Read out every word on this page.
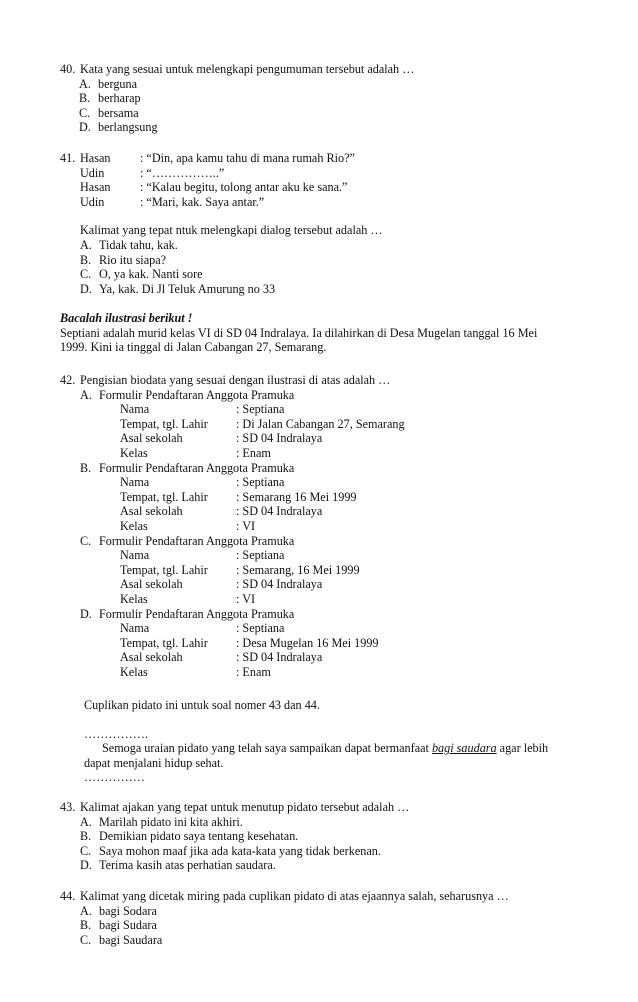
40. Kata yang sesuai untuk melengkapi pengumuman tersebut adalah …
A. berguna
B. berharap
C. bersama
D. berlangsung
41. Hasan	: “Din, apa kamu tahu di mana rumah Rio?”
Udin	: “……………..”
Hasan	: “Kalau begitu, tolong antar aku ke sana.”
Udin	: “Mari, kak. Saya antar.”
Kalimat yang tepat ntuk melengkapi dialog tersebut adalah …
A. Tidak tahu, kak.
B. Rio itu siapa?
C. O, ya kak. Nanti sore
D. Ya, kak. Di Jl Teluk Amurung no 33
Bacalah ilustrasi berikut !
Septiani adalah murid kelas VI di SD 04 Indralaya. Ia dilahirkan di Desa Mugelan tanggal 16 Mei
1999. Kini ia tinggal di Jalan Cabangan 27, Semarang.
42. Pengisian biodata yang sesuai dengan ilustrasi di atas adalah …
A. Formulir Pendaftaran Anggota Pramuka
Nama	: Septiana
Tempat, tgl. Lahir	: Di Jalan Cabangan 27, Semarang
Asal sekolah	: SD 04 Indralaya
Kelas	: Enam
B. Formulir Pendaftaran Anggota Pramuka
Nama	: Septiana
Tempat, tgl. Lahir	: Semarang 16 Mei 1999
Asal sekolah	: SD 04 Indralaya
Kelas	: VI
C. Formulir Pendaftaran Anggota Pramuka
Nama	: Septiana
Tempat, tgl. Lahir	: Semarang, 16 Mei 1999
Asal sekolah	: SD 04 Indralaya
Kelas	: VI
D. Formulir Pendaftaran Anggota Pramuka
Nama	: Septiana
Tempat, tgl. Lahir	: Desa Mugelan 16 Mei 1999
Asal sekolah	: SD 04 Indralaya
Kelas	: Enam
Cuplikan pidato ini untuk soal nomer 43 dan 44.
…………….
Semoga uraian pidato yang telah saya sampaikan dapat bermanfaat bagi saudara agar lebih
dapat menjalani hidup sehat.
……………
43. Kalimat ajakan yang tepat untuk menutup pidato tersebut adalah …
A. Marilah pidato ini kita akhiri.
B. Demikian pidato saya tentang kesehatan.
C. Saya mohon maaf jika ada kata-kata yang tidak berkenan.
D. Terima kasih atas perhatian saudara.
44. Kalimat yang dicetak miring pada cuplikan pidato di atas ejaannya salah, seharusnya …
A. bagi Sodara
B. bagi Sudara
C. bagi Saudara
